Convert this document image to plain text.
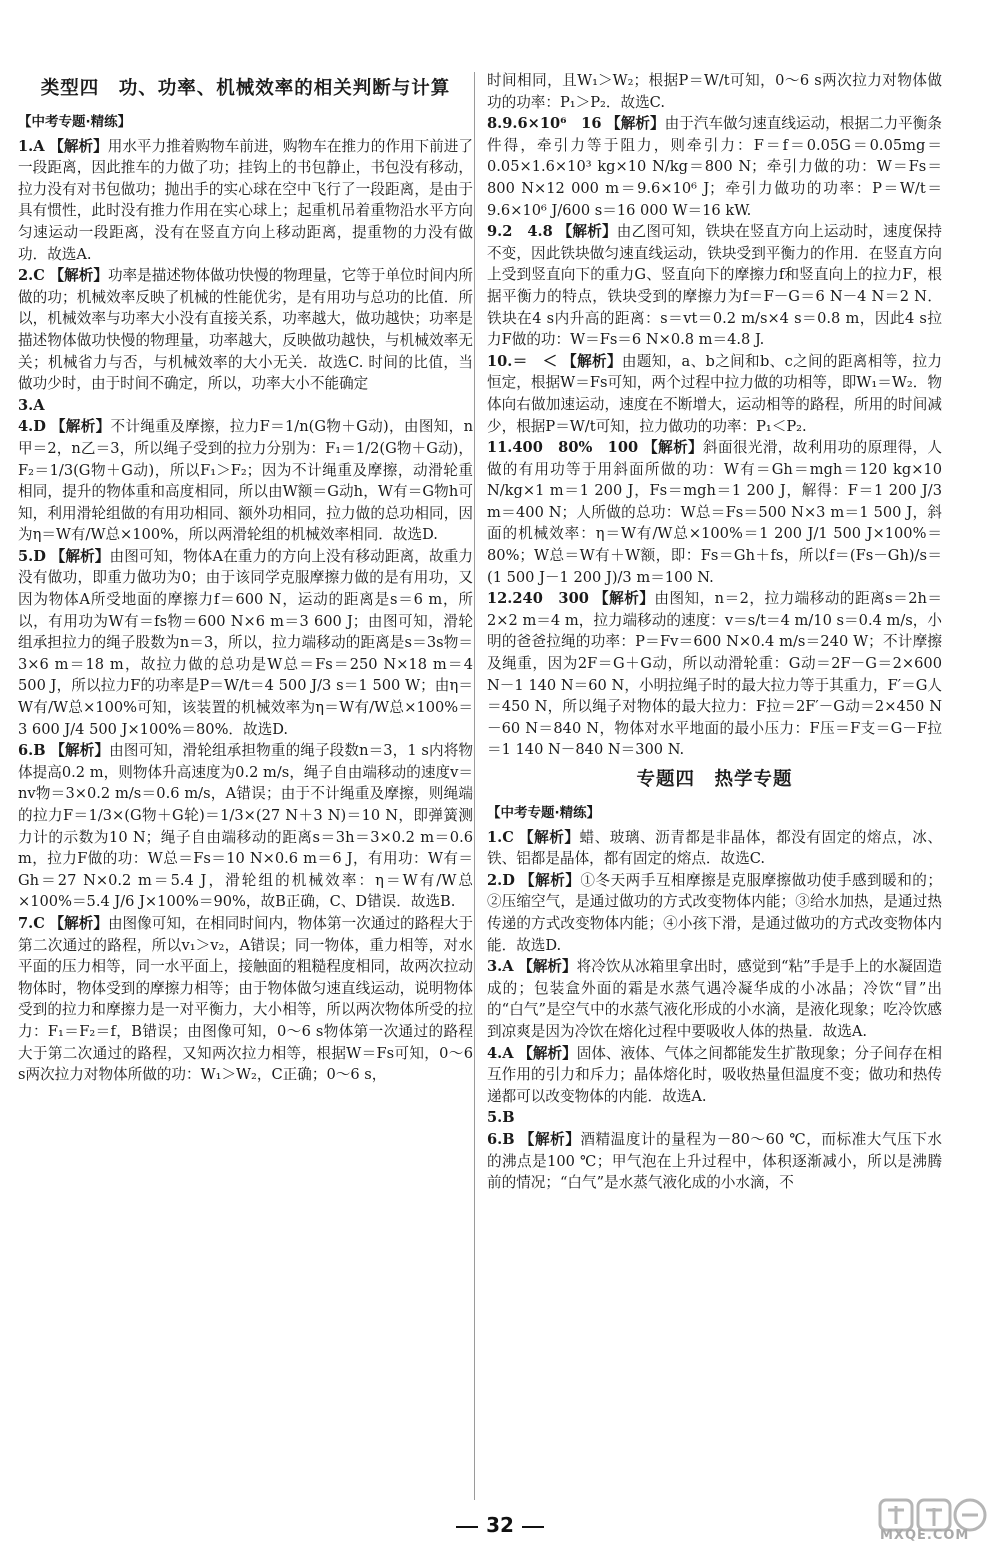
类型四　功、功率、机械效率的相关判断与计算
【中考专题·精练】

1.A 【解析】用水平力推着购物车前进，购物车在推力的作用下前进了一段距离，因此推车的力做了功；挂钩上的书包静止，书包没有移动，拉力没有对书包做功；抛出手的实心球在空中飞行了一段距离，是由于具有惯性，此时没有推力作用在实心球上；起重机吊着重物沿水平方向匀速运动一段距离，没有在竖直方向上移动距离，提重物的力没有做功．故选A.

2.C 【解析】功率是描述物体做功快慢的物理量，它等于单位时间内所做的功；机械效率反映了机械的性能优劣，是有用功与总功的比值．所以，机械效率与功率大小没有直接关系，功率越大，做功越快；功率是描述物体做功快慢的物理量，功率越大，反映做功越快，与机械效率无关；机械省力与否，与机械效率的大小无关．故选C. 时间的比值，当做功少时，由于时间不确定，所以，功率大小不能确定

3.A

4.D 【解析】不计绳重及摩擦，拉力F＝1/n(G物＋G动)，由图知，n甲＝2，n乙＝3，所以绳子受到的拉力分别为：F₁＝1/2(G物＋G动)，F₂＝1/3(G物＋G动)，所以F₁＞F₂；因为不计绳重及摩擦，动滑轮重相同，提升的物体重和高度相同，所以由W额＝G动h，W有＝G物h可知，利用滑轮组做的有用功相同、额外功相同，拉力做的总功相同，因为η＝W有/W总×100%，所以两滑轮组的机械效率相同．故选D.

5.D 【解析】由图可知，物体A在重力的方向上没有移动距离，故重力没有做功，即重力做功为0；由于该同学克服摩擦力做的是有用功，又因为物体A所受地面的摩擦力f＝600 N，运动的距离是s＝6 m，所以，有用功为W有＝fs物＝600 N×6 m＝3 600 J；由图可知，滑轮组承担拉力的绳子股数为n＝3，所以，拉力端移动的距离是s＝3s物＝3×6 m＝18 m，故拉力做的总功是W总＝Fs＝250 N×18 m＝4 500 J，所以拉力F的功率是P＝W/t＝4 500 J/3 s＝1 500 W；由η＝W有/W总×100%可知，该装置的机械效率为η＝W有/W总×100%＝3 600 J/4 500 J×100%＝80%．故选D.

6.B 【解析】由图可知，滑轮组承担物重的绳子段数n＝3，1 s内将物体提高0.2 m，则物体升高速度为0.2 m/s，绳子自由端移动的速度v＝nv物＝3×0.2 m/s＝0.6 m/s，A错误；由于不计绳重及摩擦，则绳端的拉力F＝1/3×(G物＋G轮)＝1/3×(27 N＋3 N)＝10 N，即弹簧测力计的示数为10 N；绳子自由端移动的距离s＝3h＝3×0.2 m＝0.6 m，拉力F做的功：W总＝Fs＝10 N×0.6 m＝6 J，有用功：W有＝Gh＝27 N×0.2 m＝5.4 J，滑轮组的机械效率：η＝W有/W总×100%＝5.4 J/6 J×100%＝90%，故B正确，C、D错误．故选B.

7.C 【解析】由图像可知，在相同时间内，物体第一次通过的路程大于第二次通过的路程，所以v₁＞v₂，A错误；同一物体，重力相等，对水平面的压力相等，同一水平面上，接触面的粗糙程度相同，故两次拉动物体时，物体受到的摩擦力相等；由于物体做匀速直线运动，说明物体受到的拉力和摩擦力是一对平衡力，大小相等，所以两次物体所受的拉力：F₁＝F₂＝f，B错误；由图像可知，0～6 s物体第一次通过的路程大于第二次通过的路程，又知两次拉力相等，根据W＝Fs可知，0～6 s两次拉力对物体所做的功：W₁＞W₂，C正确；0～6 s，

时间相同，且W₁＞W₂；根据P＝W/t可知，0～6 s两次拉力对物体做功的功率：P₁＞P₂．故选C.

8.9.6×10⁶　16 【解析】由于汽车做匀速直线运动，根据二力平衡条件得，牵引力等于阻力，则牵引力：F＝f＝0.05G＝0.05mg＝0.05×1.6×10³ kg×10 N/kg＝800 N；牵引力做的功：W＝Fs＝800 N×12 000 m＝9.6×10⁶ J；牵引力做功的功率：P＝W/t＝9.6×10⁶ J/600 s＝16 000 W＝16 kW.

9.2　4.8 【解析】由乙图可知，铁块在竖直方向上运动时，速度保持不变，因此铁块做匀速直线运动，铁块受到平衡力的作用．在竖直方向上受到竖直向下的重力G、竖直向下的摩擦力f和竖直向上的拉力F，根据平衡力的特点，铁块受到的摩擦力为f＝F－G＝6 N－4 N＝2 N．铁块在4 s内升高的距离：s＝vt＝0.2 m/s×4 s＝0.8 m，因此4 s拉力F做的功：W＝Fs＝6 N×0.8 m＝4.8 J.

10.＝　＜ 【解析】由题知，a、b之间和b、c之间的距离相等，拉力恒定，根据W＝Fs可知，两个过程中拉力做的功相等，即W₁＝W₂．物体向右做加速运动，速度在不断增大，运动相等的路程，所用的时间减少，根据P＝W/t可知，拉力做功的功率：P₁＜P₂.

11.400　80%　100 【解析】斜面很光滑，故利用功的原理得，人做的有用功等于用斜面所做的功：W有＝Gh＝mgh＝120 kg×10 N/kg×1 m＝1 200 J，Fs＝mgh＝1 200 J，解得：F＝1 200 J/3 m＝400 N；人所做的总功：W总＝Fs＝500 N×3 m＝1 500 J，斜面的机械效率：η＝W有/W总×100%＝1 200 J/1 500 J×100%＝80%；W总＝W有＋W额，即：Fs＝Gh＋fs，所以f＝(Fs－Gh)/s＝(1 500 J－1 200 J)/3 m＝100 N.

12.240　300 【解析】由图知，n＝2，拉力端移动的距离s＝2h＝2×2 m＝4 m，拉力端移动的速度：v＝s/t＝4 m/10 s＝0.4 m/s，小明的爸爸拉绳的功率：P＝Fv＝600 N×0.4 m/s＝240 W；不计摩擦及绳重，因为2F＝G＋G动，所以动滑轮重：G动＝2F－G＝2×600 N－1 140 N＝60 N，小明拉绳子时的最大拉力等于其重力，F′＝G人＝450 N，所以绳子对物体的最大拉力：F拉＝2F′－G动＝2×450 N－60 N＝840 N，物体对水平地面的最小压力：F压＝F支＝G－F拉＝1 140 N－840 N＝300 N.

专题四　热学专题
【中考专题·精练】

1.C 【解析】蜡、玻璃、沥青都是非晶体，都没有固定的熔点，冰、铁、铝都是晶体，都有固定的熔点．故选C.

2.D 【解析】①冬天两手互相摩擦是克服摩擦做功使手感到暖和的；②压缩空气，是通过做功的方式改变物体内能；③给水加热，是通过热传递的方式改变物体内能；④小孩下滑，是通过做功的方式改变物体内能．故选D.

3.A 【解析】将冷饮从冰箱里拿出时，感觉到“粘”手是手上的水凝固造成的；包装盒外面的霜是水蒸气遇冷凝华成的小冰晶；冷饮“冒”出的“白气”是空气中的水蒸气液化形成的小水滴，是液化现象；吃冷饮感到凉爽是因为冷饮在熔化过程中要吸收人体的热量．故选A.

4.A 【解析】固体、液体、气体之间都能发生扩散现象；分子间存在相互作用的引力和斥力；晶体熔化时，吸收热量但温度不变；做功和热传递都可以改变物体的内能．故选A.

5.B

6.B 【解析】酒精温度计的量程为－80～60 ℃，而标准大气压下水的沸点是100 ℃；甲气泡在上升过程中，体积逐渐减小，所以是沸腾前的情况；“白气”是水蒸气液化成的小水滴，不

32	MXQE.COM
